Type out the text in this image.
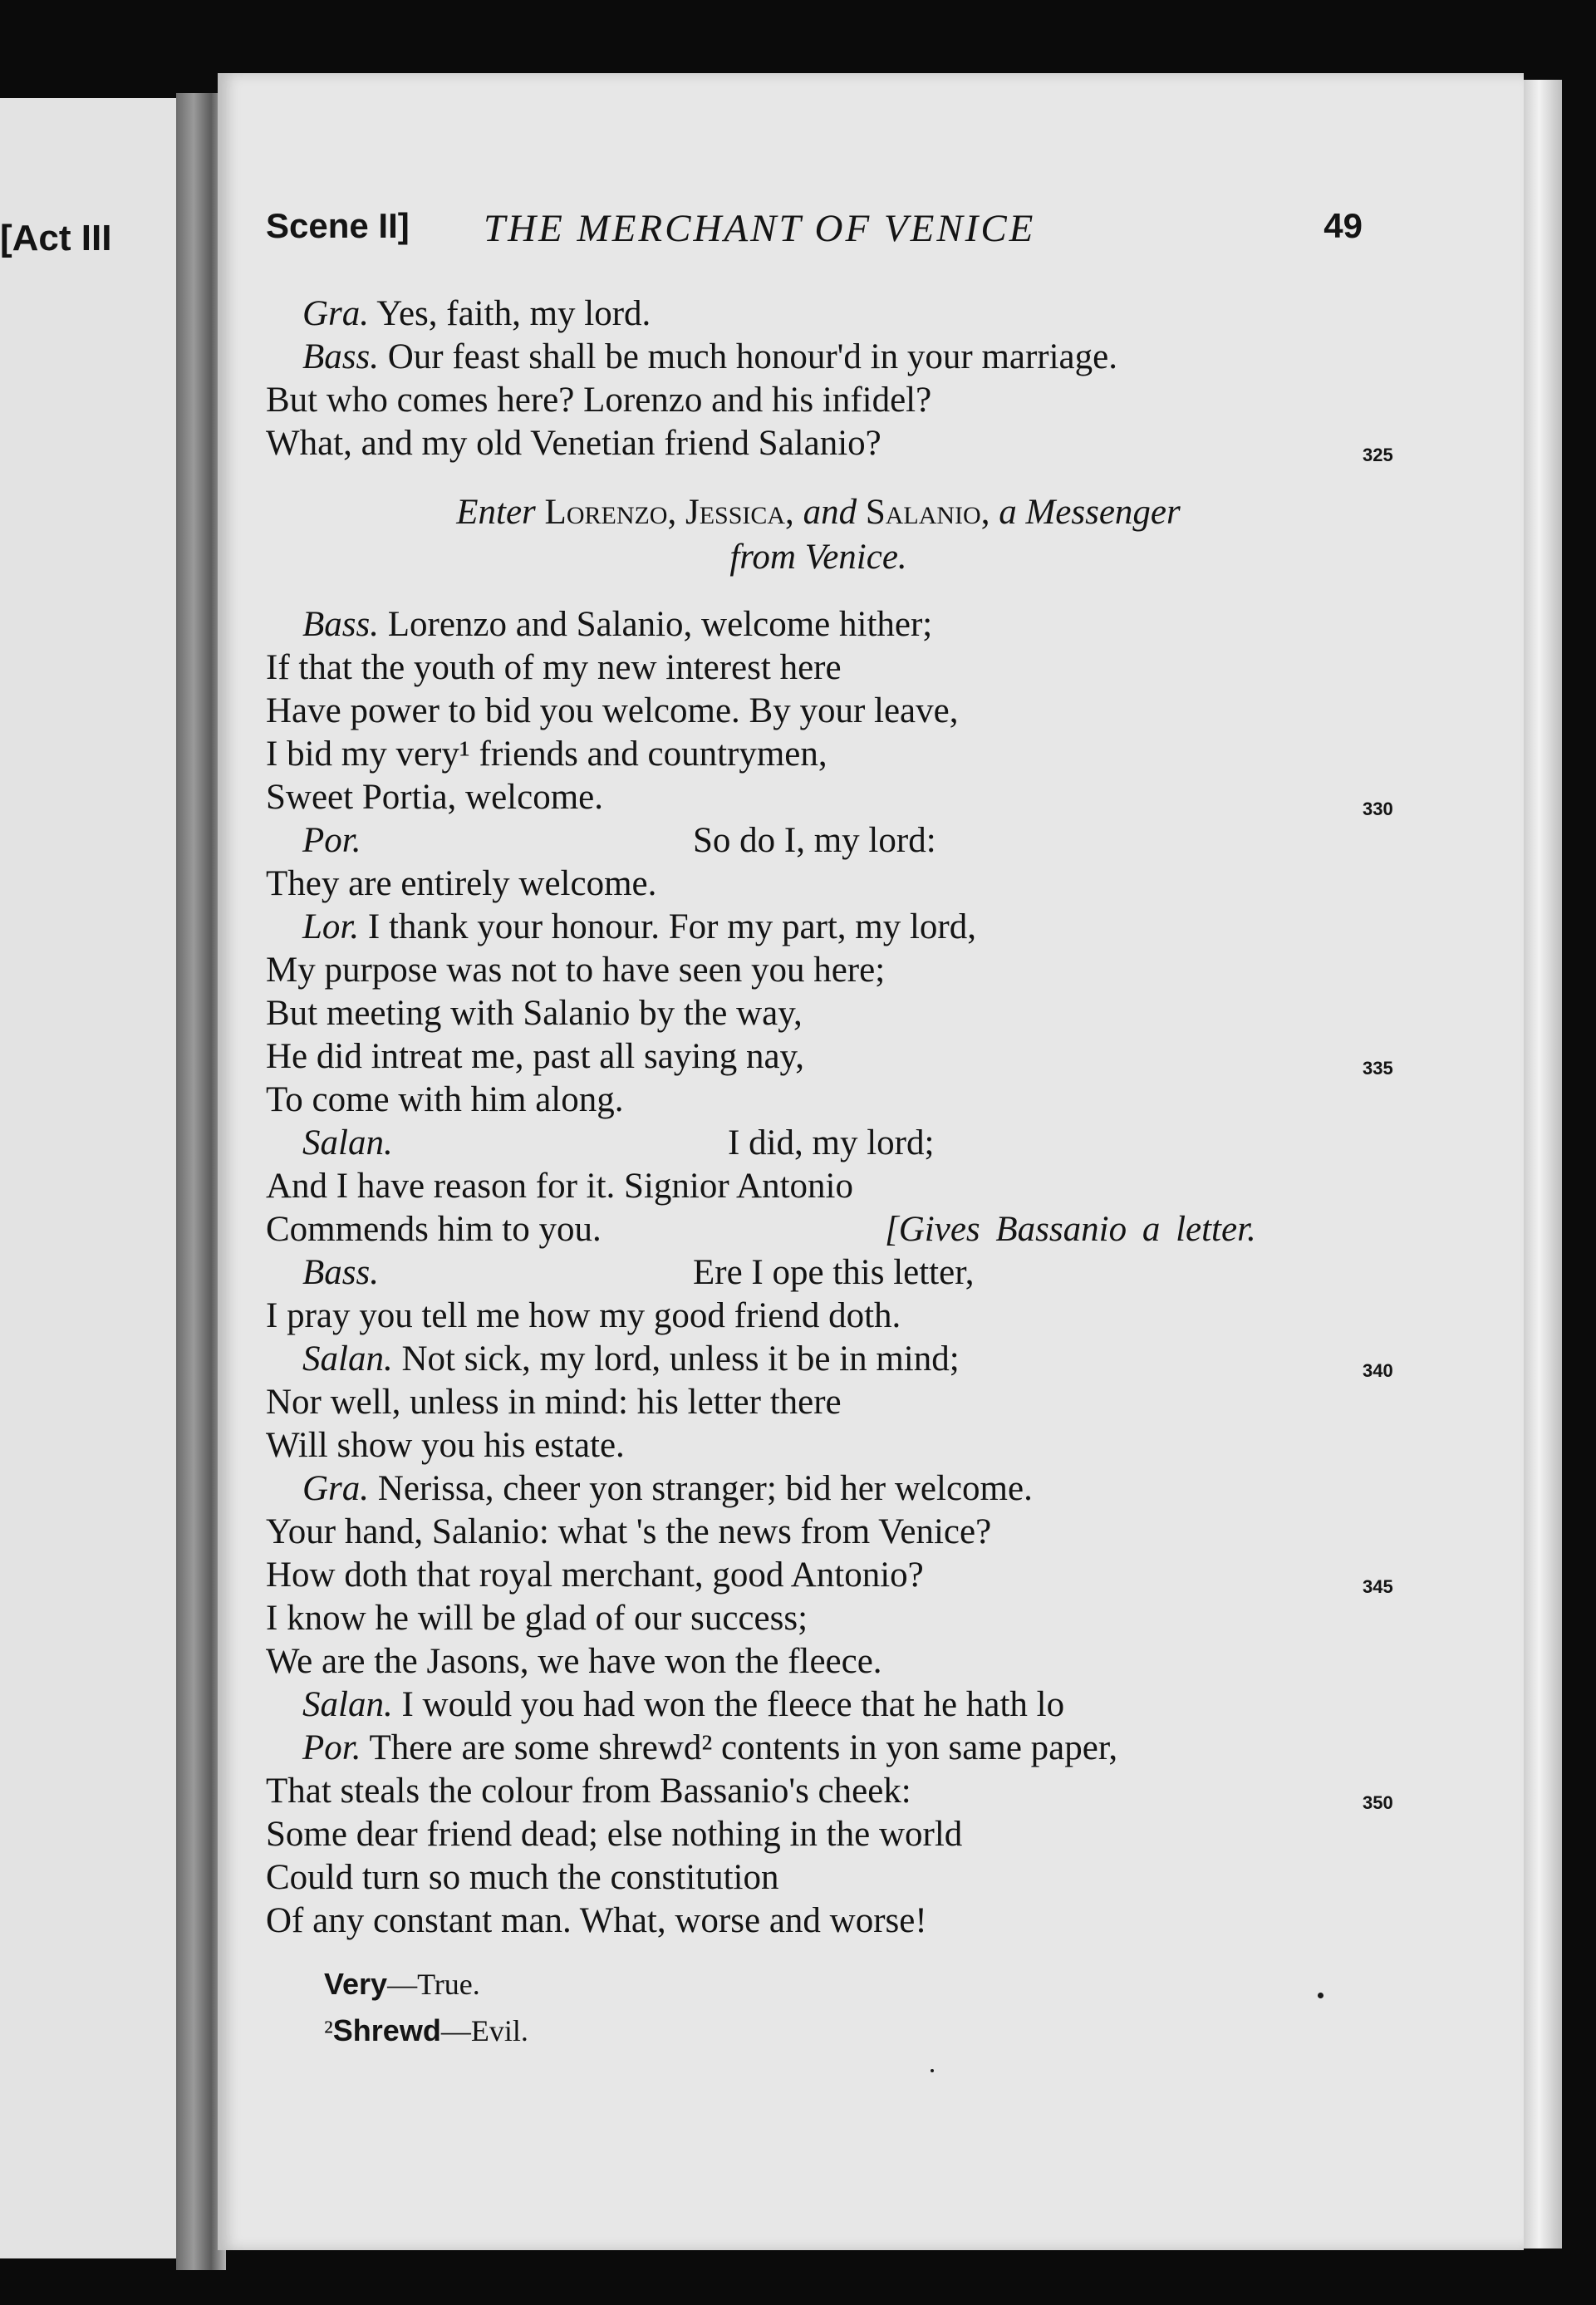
[Act III	Scene II] THE MERCHANT OF VENICE	49
Gra. Yes, faith, my lord.
Bass. Our feast shall be much honour'd in your marriage.
But who comes here? Lorenzo and his infidel?
What, and my old Venetian friend Salanio?	325
Enter Lorenzo, Jessica, and Salanio, a Messenger
from Venice.
Bass. Lorenzo and Salanio, welcome hither;
If that the youth of my new interest here
Have power to bid you welcome. By your leave,
I bid my very¹ friends and countrymen,
Sweet Portia, welcome.	330
Por.	So do I, my lord:
They are entirely welcome.
Lor. I thank your honour. For my part, my lord,
My purpose was not to have seen you here;
But meeting with Salanio by the way,
He did intreat me, past all saying nay,	335
To come with him along.
Salan.	I did, my lord;
And I have reason for it. Signior Antonio
Commends him to you.	[Gives Bassanio a letter.
Bass.	Ere I ope this letter,
I pray you tell me how my good friend doth.
Salan. Not sick, my lord, unless it be in mind;	340
Nor well, unless in mind: his letter there
Will show you his estate.
Gra. Nerissa, cheer yon stranger; bid her welcome.
Your hand, Salanio: what 's the news from Venice?
How doth that royal merchant, good Antonio?	345
I know he will be glad of our success;
We are the Jasons, we have won the fleece.
Salan. I would you had won the fleece that he hath lo
Por. There are some shrewd² contents in yon same paper,
That steals the colour from Bassanio's cheek:	350
Some dear friend dead; else nothing in the world
Could turn so much the constitution
Of any constant man. What, worse and worse!
Very—True.
²Shrewd—Evil.
